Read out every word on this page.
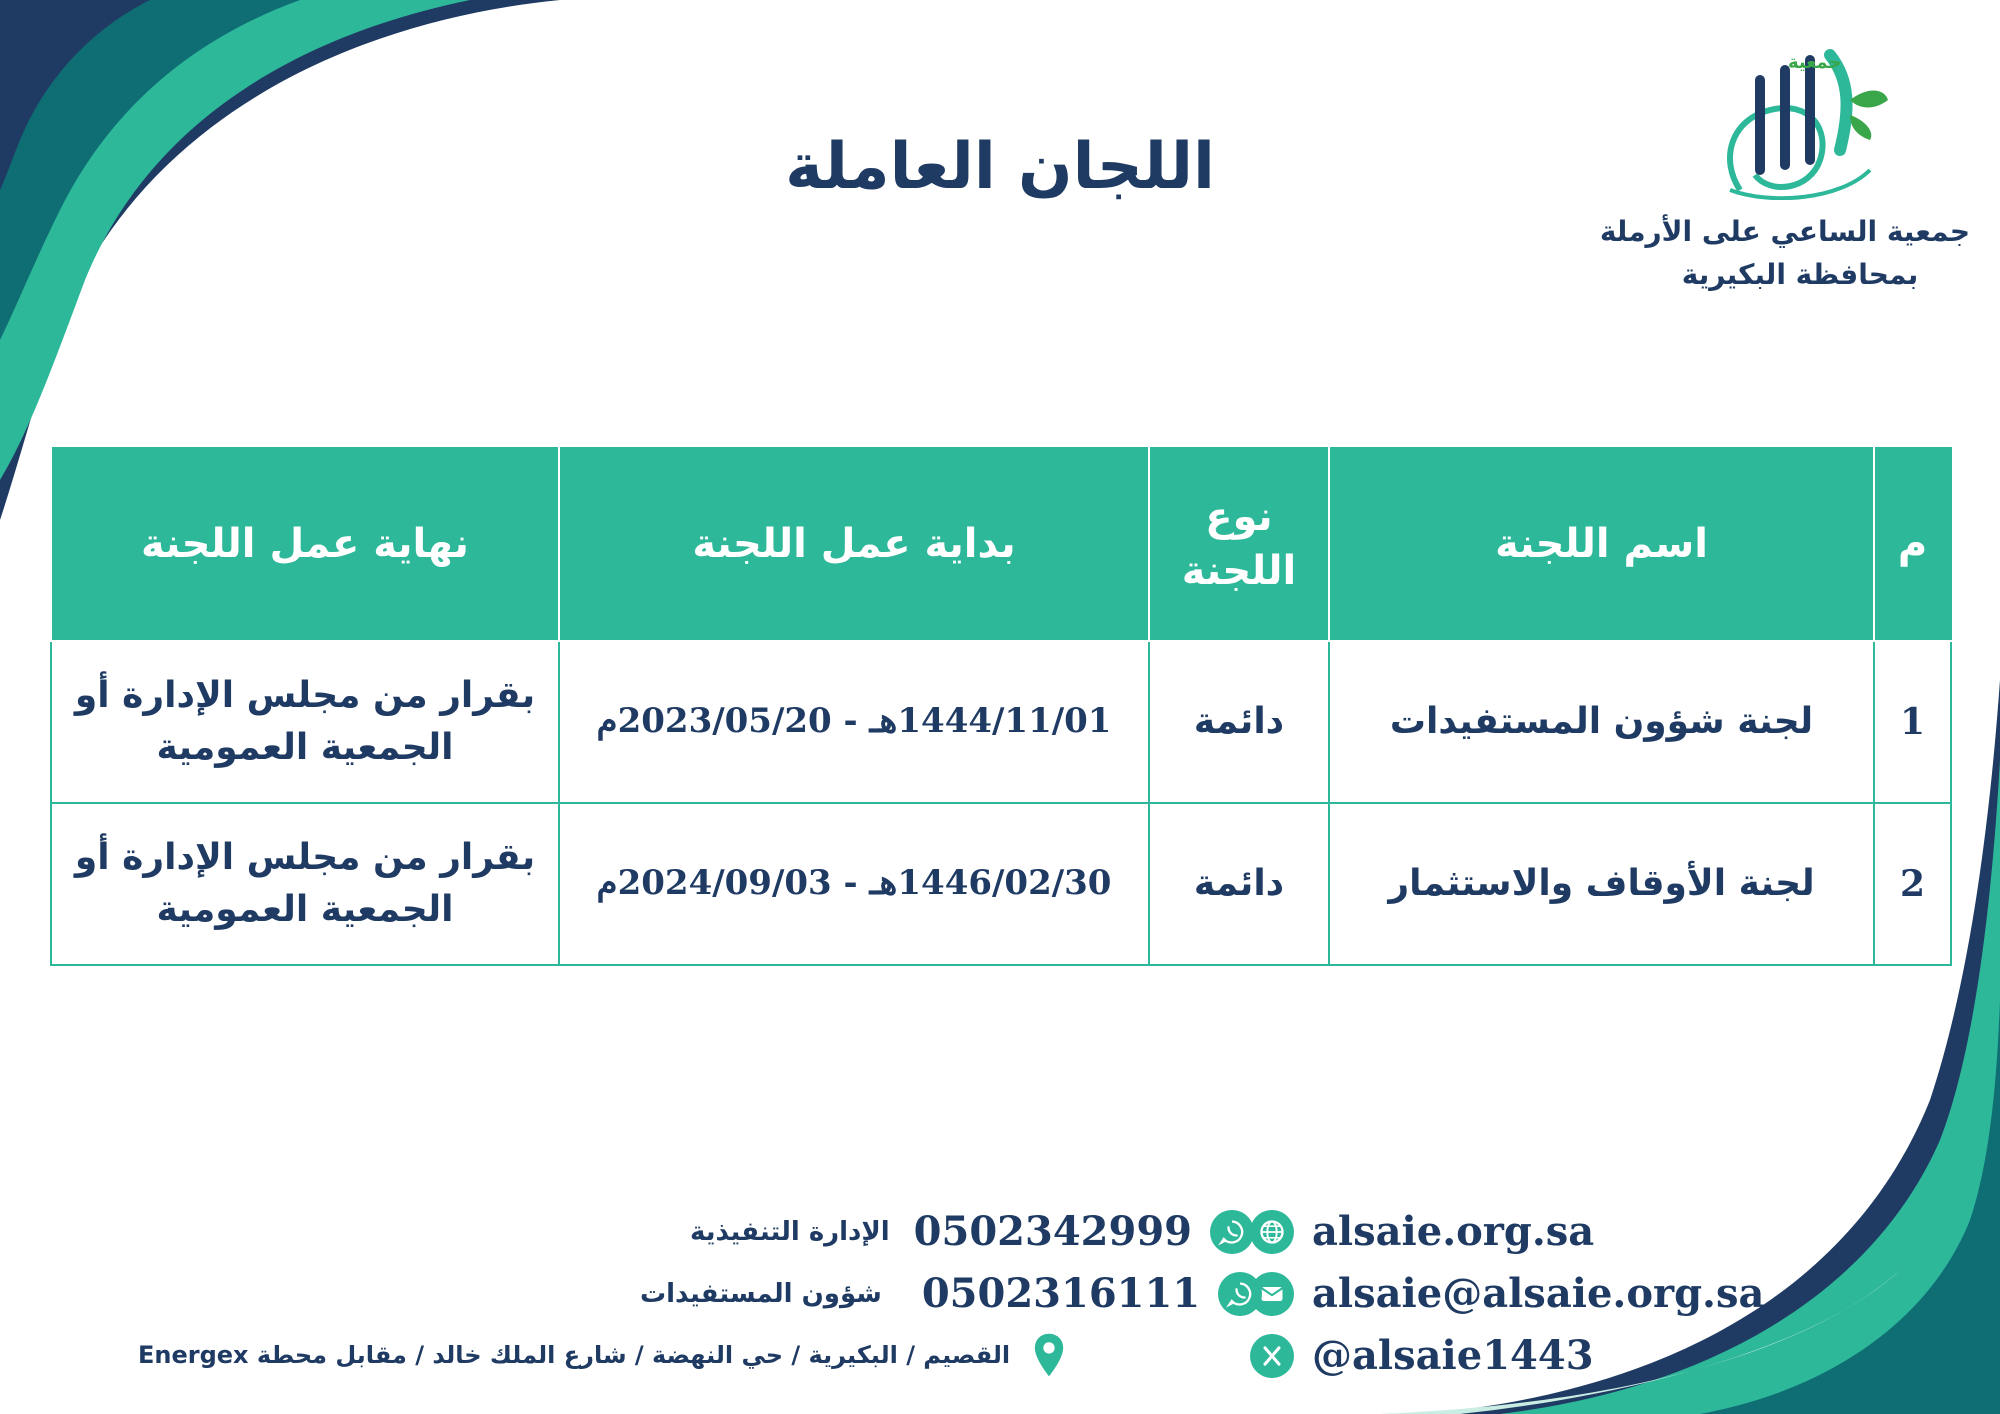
جمعية
جمعية الساعي على الأرملة
بمحافظة البكيرية
اللجان العاملة
م	اسم اللجنة	نوع اللجنة	بداية عمل اللجنة	نهاية عمل اللجنة
1	لجنة شؤون المستفيدات	دائمة	1444/11/01هـ - 2023/05/20م	بقرار من مجلس الإدارة أو الجمعية العمومية
2	لجنة الأوقاف والاستثمار	دائمة	1446/02/30هـ - 2024/09/03م	بقرار من مجلس الإدارة أو الجمعية العمومية
alsaie.org.sa
alsaie@alsaie.org.sa
@alsaie1443
الإدارة التنفيذية 0502342999
شؤون المستفيدات 0502316111
القصيم / البكيرية / حي النهضة / شارع الملك خالد / مقابل محطة Energex
